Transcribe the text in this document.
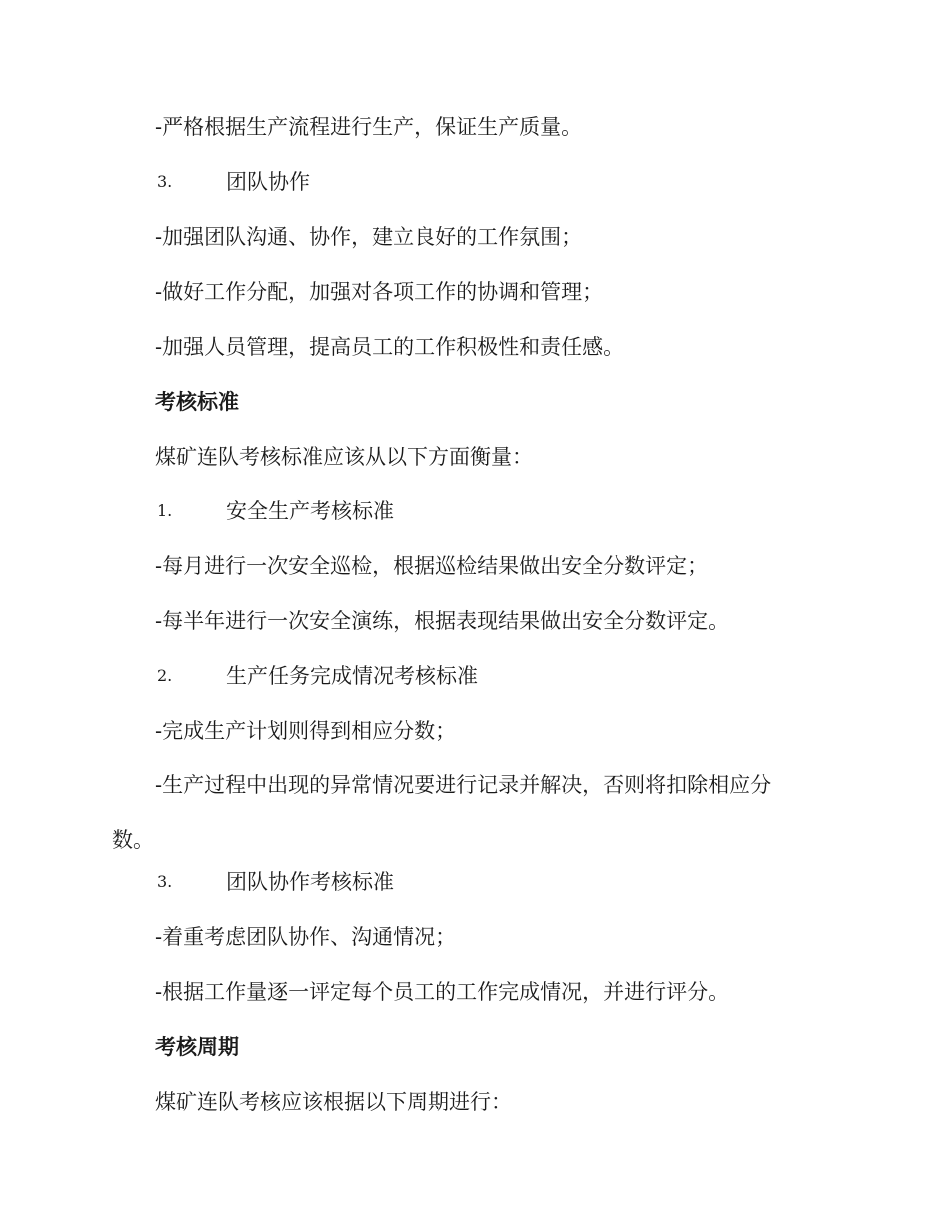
-严格根据生产流程进行生产，保证生产质量。
3.	团队协作
-加强团队沟通、协作，建立良好的工作氛围；
-做好工作分配，加强对各项工作的协调和管理；
-加强人员管理，提高员工的工作积极性和责任感。
考核标准
煤矿连队考核标准应该从以下方面衡量：
1.	安全生产考核标准
-每月进行一次安全巡检，根据巡检结果做出安全分数评定；
-每半年进行一次安全演练，根据表现结果做出安全分数评定。
2.	生产任务完成情况考核标准
-完成生产计划则得到相应分数；
-生产过程中出现的异常情况要进行记录并解决，否则将扣除相应分数。
3.	团队协作考核标准
-着重考虑团队协作、沟通情况；
-根据工作量逐一评定每个员工的工作完成情况，并进行评分。
考核周期
煤矿连队考核应该根据以下周期进行：
